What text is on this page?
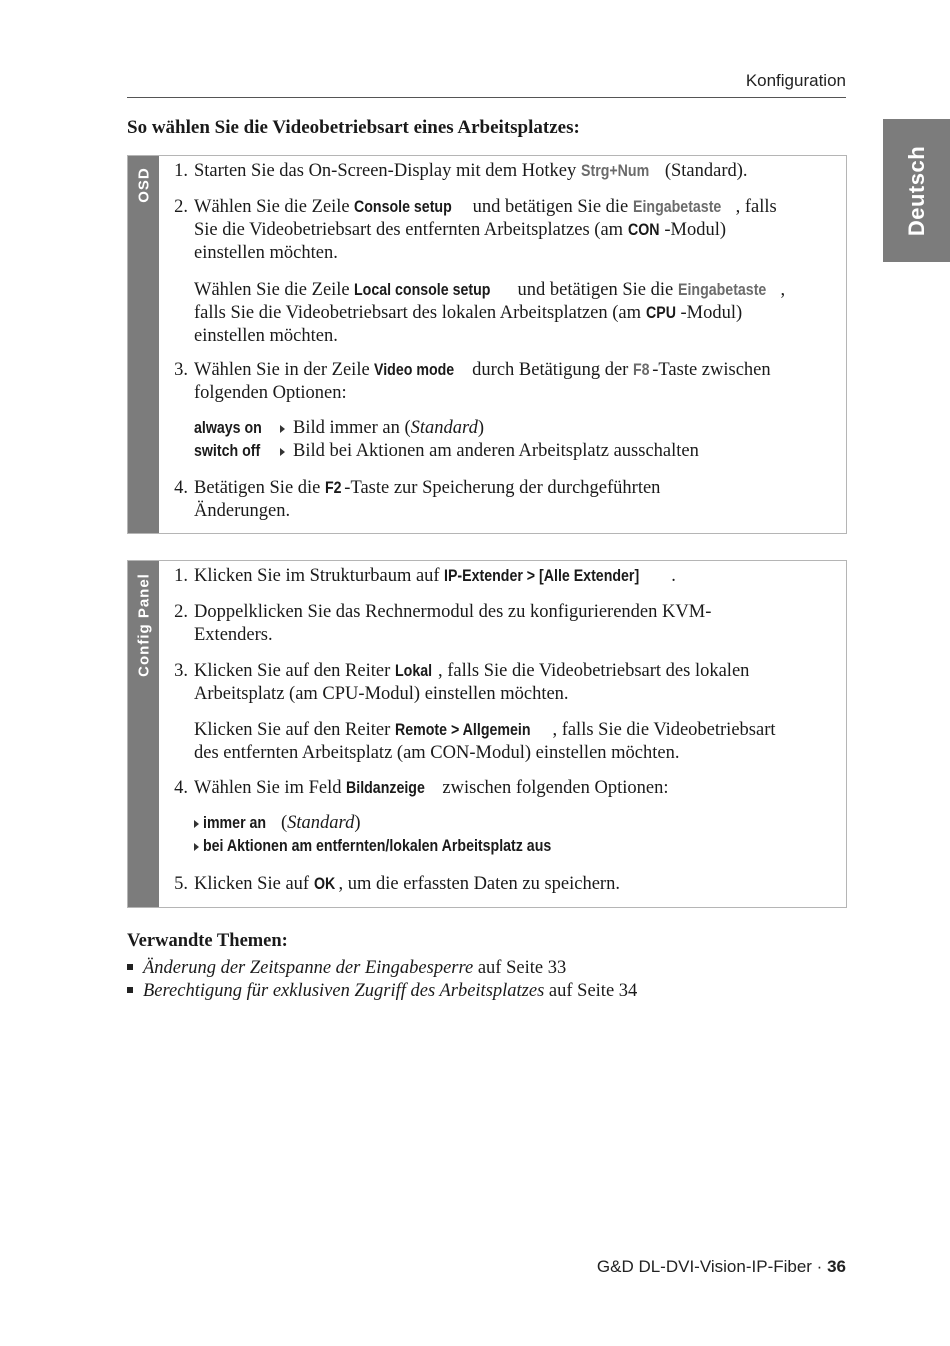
Konfiguration
Deutsch
So wählen Sie die Videobetriebsart eines Arbeitsplatzes:
OSD	1. Starten Sie das On-Screen-Display mit dem Hotkey Strg+Num (Standard).
2. Wählen Sie die Zeile Console setup und betätigen Sie die Eingabetaste , falls
Sie die Videobetriebsart des entfernten Arbeitsplatzes (am CON -Modul)
einstellen möchten.
Wählen Sie die Zeile Local console setup und betätigen Sie die Eingabetaste ,
falls Sie die Videobetriebsart des lokalen Arbeitsplatzen (am CPU -Modul)
einstellen möchten.
3. Wählen Sie in der Zeile Video mode durch Betätigung der F8 -Taste zwischen
folgenden Optionen:
always on	Bild immer an (Standard)
switch off	Bild bei Aktionen am anderen Arbeitsplatz ausschalten
4. Betätigen Sie die F2 -Taste zur Speicherung der durchgeführten
Änderungen.
Config Panel	1. Klicken Sie im Strukturbaum auf IP-Extender > [Alle Extender] .
2. Doppelklicken Sie das Rechnermodul des zu konfigurierenden KVM-
Extenders.
3. Klicken Sie auf den Reiter Lokal , falls Sie die Videobetriebsart des lokalen
Arbeitsplatz (am CPU-Modul) einstellen möchten.
Klicken Sie auf den Reiter Remote > Allgemein , falls Sie die Videobetriebsart
des entfernten Arbeitsplatz (am CON-Modul) einstellen möchten.
4. Wählen Sie im Feld Bildanzeige zwischen folgenden Optionen:
immer an (Standard)
bei Aktionen am entfernten/lokalen Arbeitsplatz aus
5. Klicken Sie auf OK , um die erfassten Daten zu speichern.
Verwandte Themen:
Änderung der Zeitspanne der Eingabesperre auf Seite 33
Berechtigung für exklusiven Zugriff des Arbeitsplatzes auf Seite 34
G&D DL-DVI-Vision-IP-Fiber · 36
